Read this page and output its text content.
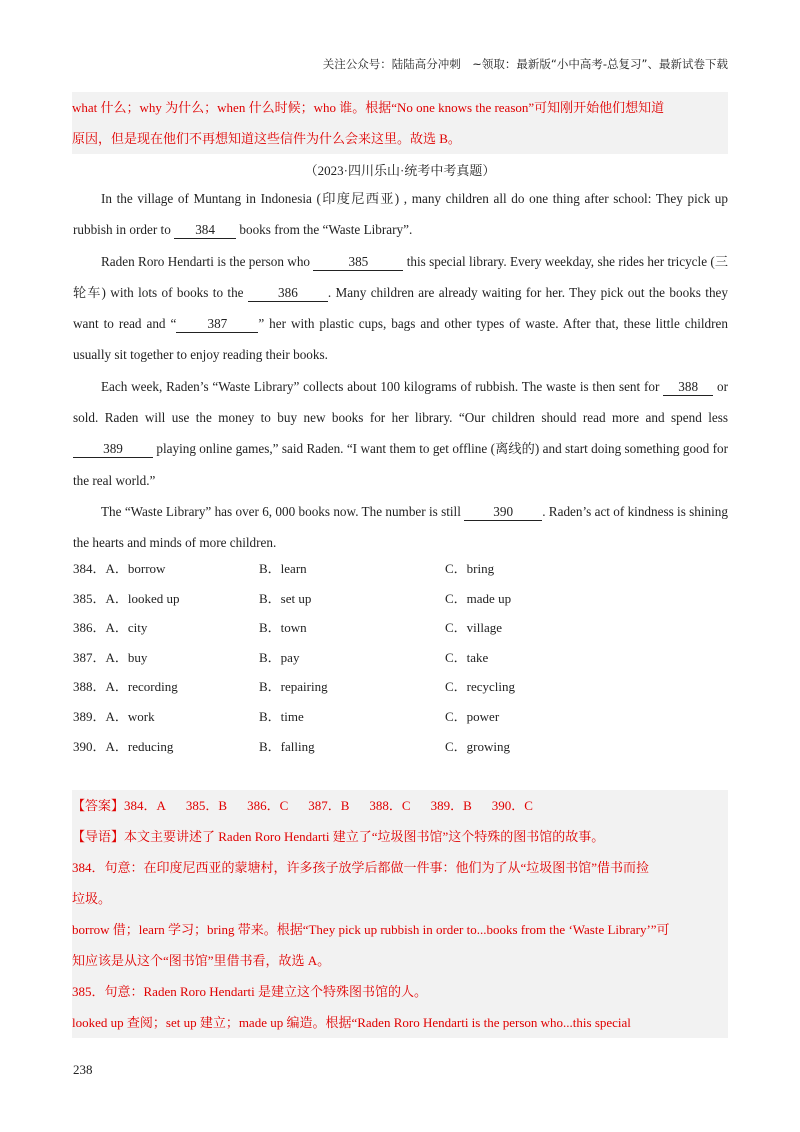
关注公众号：陆陆高分冲刺　~领取：最新版“小中高考-总复习”、最新试卷下载

what 什么；why 为什么；when 什么时候；who 谁。根据“No one knows the reason”可知刚开始他们想知道

原因，但是现在他们不再想知道这些信件为什么会来这里。故选 B。

（2023·四川乐山·统考中考真题）

In the village of Muntang in Indonesia (印度尼西亚) , many children all do one thing after school: They pick up rubbish in order to 384 books from the “Waste Library”.

Raden Roro Hendarti is the person who	385	this special library. Every weekday, she rides her tricycle (三轮车) with lots of books to the 386 . Many children are already waiting for her. They pick out the books they want to read and “ 387 ” her with plastic cups, bags and other types of waste. After that, these little children usually sit together to enjoy reading their books.

Each week, Raden’s “Waste Library” collects about 100 kilograms of rubbish. The waste is then sent for 388 or sold. Raden will use the money to buy new books for her library. “Our children should read more and spend less 389 playing online games,” said Raden. “I want them to get offline (离线的) and start doing something good for the real world.”

The “Waste Library” has over 6, 000 books now. The number is still 390 . Raden’s act of kindness is shining the hearts and minds of more children.

384．A．borrow	B．learn	C．bring
385．A．looked up	B．set up	C．made up
386．A．city	B．town	C．village
387．A．buy	B．pay	C．take
388．A．recording	B．repairing	C．recycling
389．A．work	B．time	C．power
390．A．reducing	B．falling	C．growing

【答案】384．A 385．B 386．C 387．B 388．C 389．B 390．C

【导语】本文主要讲述了 Raden Roro Hendarti 建立了“垃圾图书馆”这个特殊的图书馆的故事。

384．句意：在印度尼西亚的蒙塘村，许多孩子放学后都做一件事：他们为了从“垃圾图书馆”借书而捡

垃圾。

borrow 借；learn 学习；bring 带来。根据“They pick up rubbish in order to...books from the ‘Waste Library’”可

知应该是从这个“图书馆”里借书看，故选 A。

385．句意：Raden Roro Hendarti 是建立这个特殊图书馆的人。

looked up 查阅；set up 建立；made up 编造。根据“Raden Roro Hendarti is the person who...this special

238
